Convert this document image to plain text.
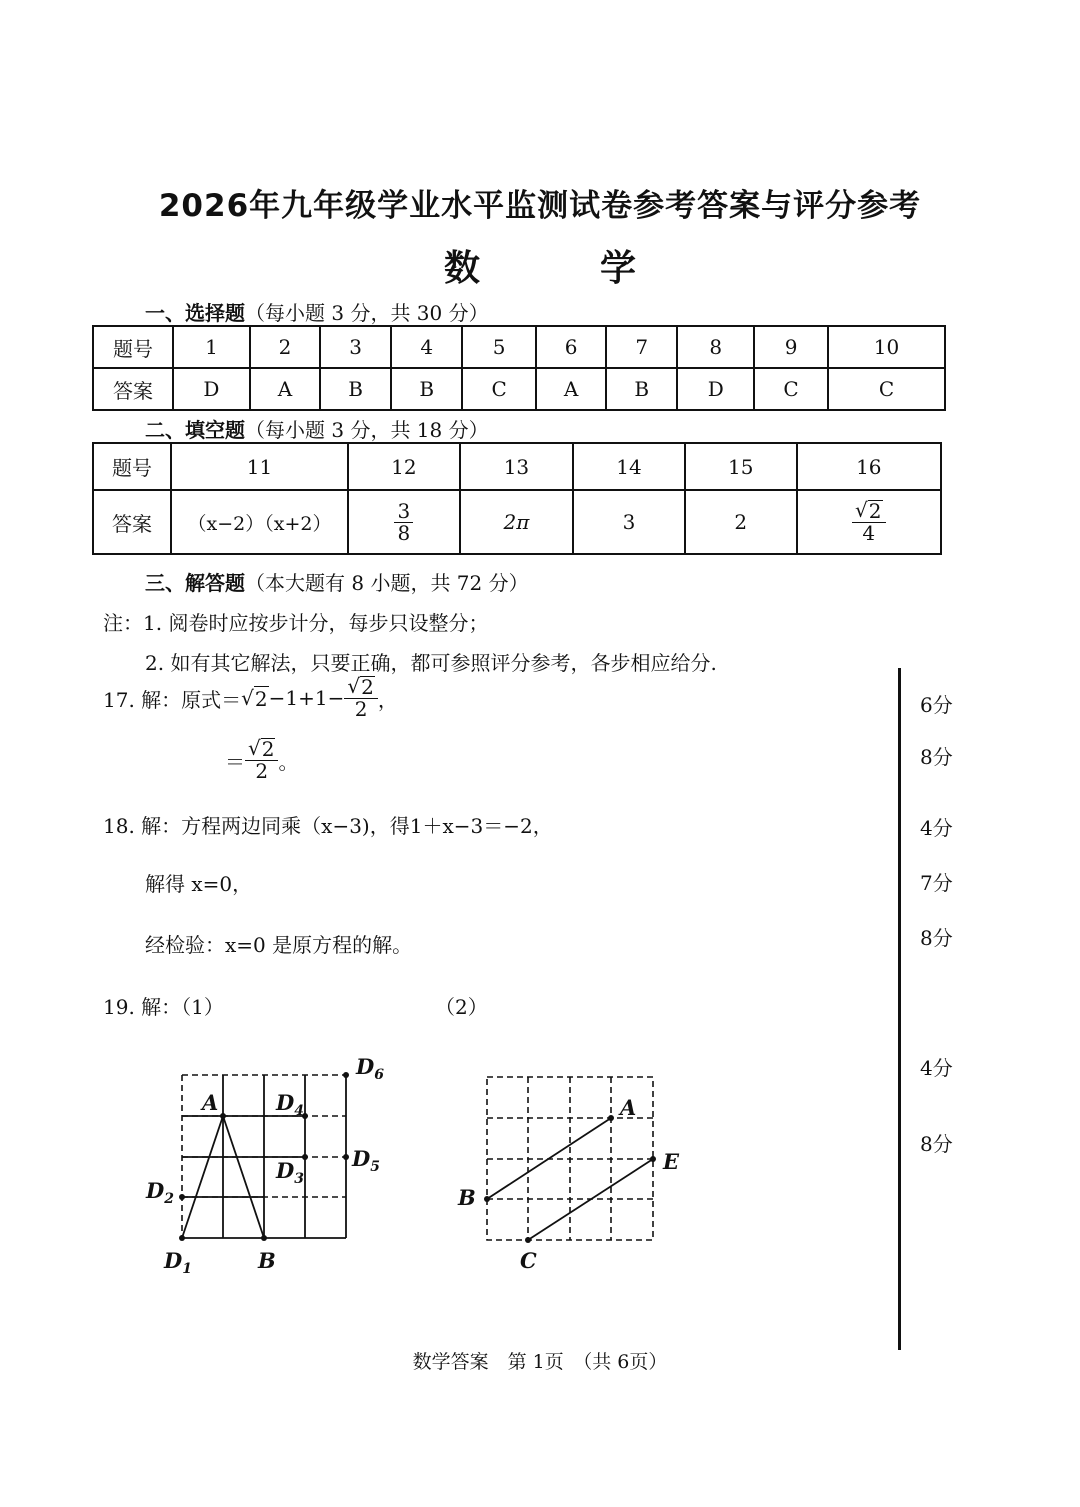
2026年九年级学业水平监测试卷参考答案与评分参考
数学
一、选择题（每小题 3 分，共 30 分）
题号	1	2	3	4	5	6	7	8	9	10
答案	D	A	B	B	C	A	B	D	C	C
二、填空题（每小题 3 分，共 18 分）
题号	11	12	13	14	15	16
答案	（x−2）（x+2）	$\frac{3}{8}$	2π	3	2	$\frac{√ 2}{4}$
三、解答题（本大题有 8 小题，共 72 分）
注：1. 阅卷时应按步计分，每步只设整分；
2. 如有其它解法，只要正确，都可参照评分参考，各步相应给分.
17. 解：原式＝ √ $2 -1+1- \frac{√ 2}{2}$ ，
＝ $\frac{√ 2}{2}$ 。
6分
8分
18. 解：方程两边同乘（x−3)，得1＋x−3＝−2，
解得 x=0，
经检验：x=0 是原方程的解。
4分
7分
8分
19. 解：（1）	（2）
4分
8分
A
$D_1$	B
$D_2$
$D_3$
$D_4$
$D_5$
$D_6$
A
B
C
E
数学答案　第 1页　（共 6页）
